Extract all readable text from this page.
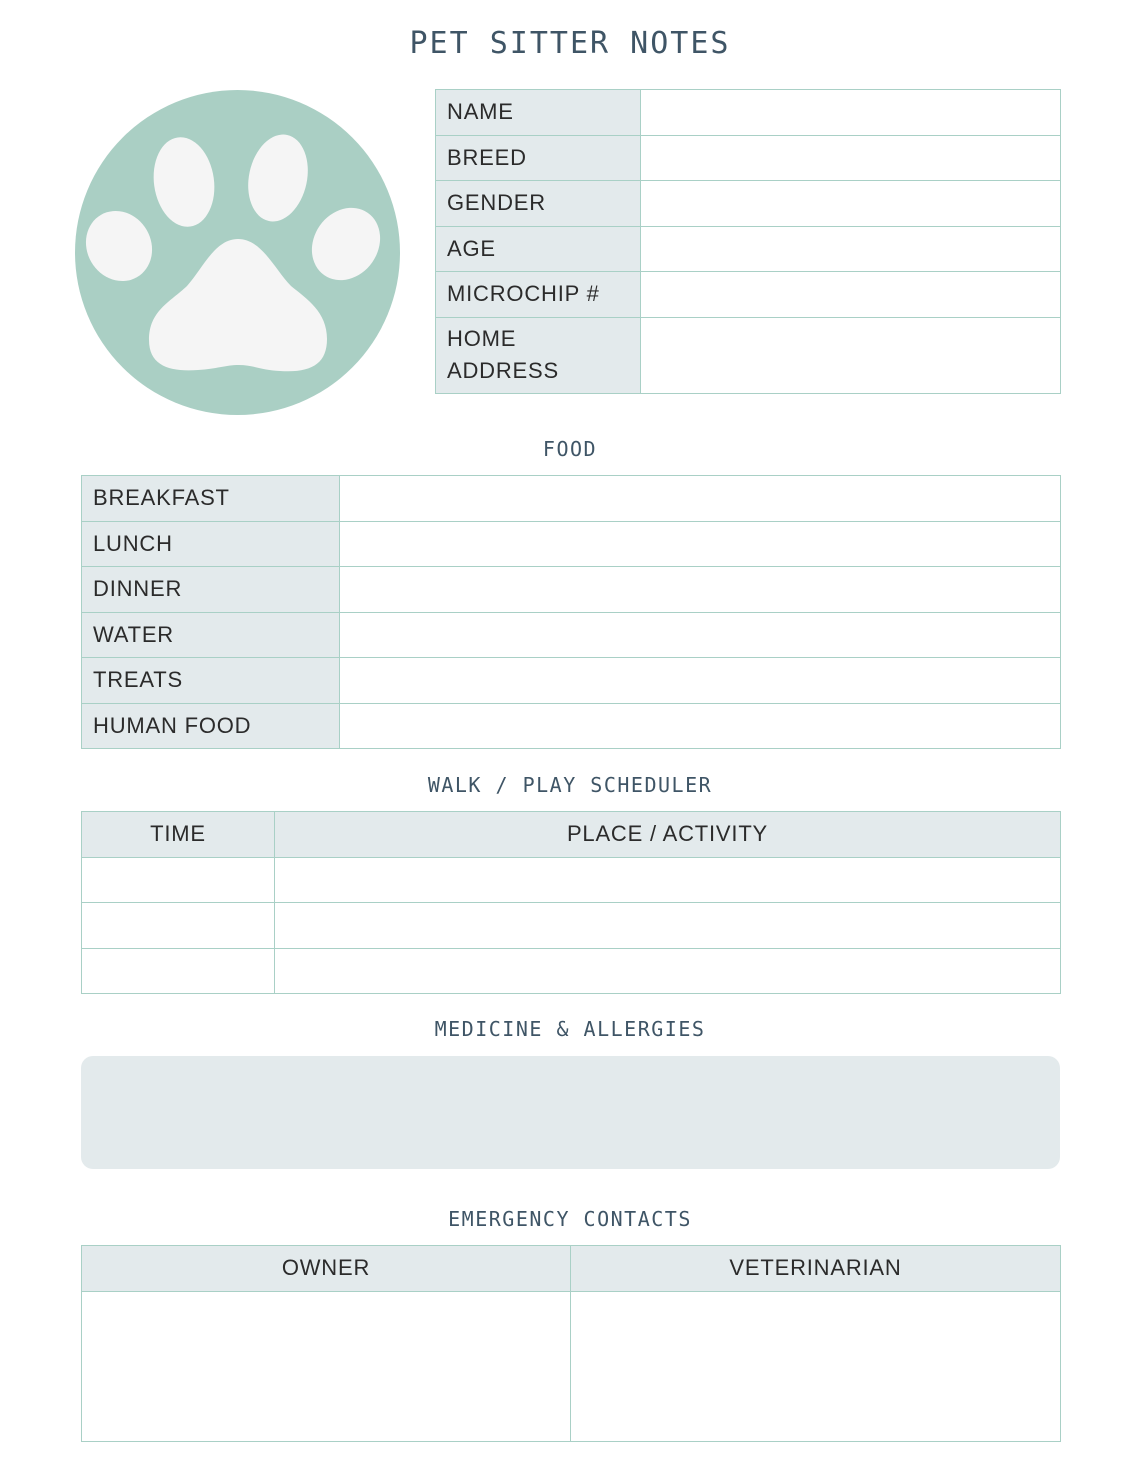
PET SITTER NOTES
NAME	
BREED	
GENDER	
AGE	
MICROCHIP #	
HOME
ADDRESS	
FOOD
BREAKFAST	
LUNCH	
DINNER	
WATER	
TREATS	
HUMAN FOOD	
WALK / PLAY SCHEDULER
TIME	PLACE / ACTIVITY

MEDICINE & ALLERGIES
EMERGENCY CONTACTS
OWNER	VETERINARIAN
